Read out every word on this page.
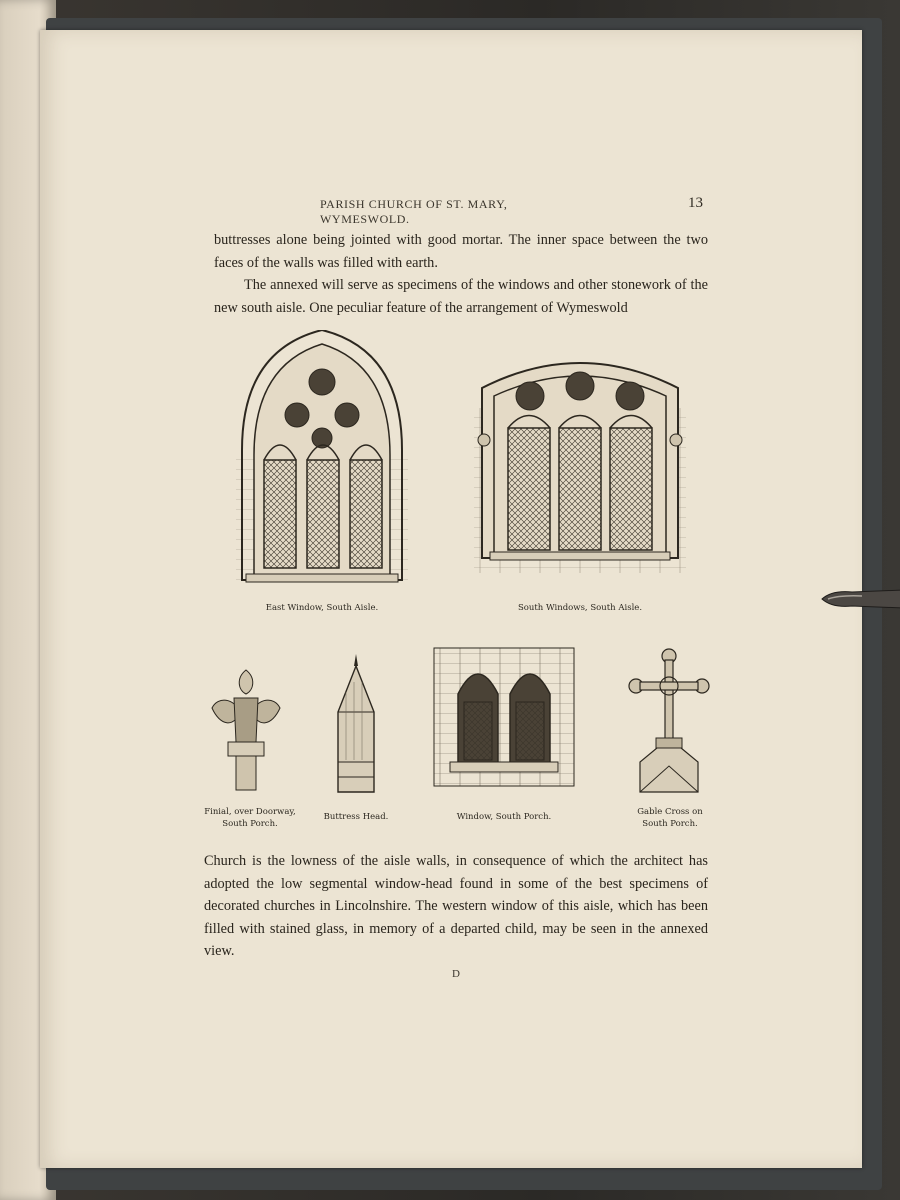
PARISH CHURCH OF ST. MARY, WYMESWOLD.
13
buttresses alone being jointed with good mortar. The inner space between the two faces of the walls was filled with earth.
The annexed will serve as specimens of the windows and other stonework of the new south aisle. One peculiar feature of the arrangement of Wymeswold
East Window, South Aisle.	South Windows, South Aisle.
Finial, over Doorway,
South Porch.
Buttress Head.	Window, South Porch.	Gable Cross on
South Porch.
Church is the lowness of the aisle walls, in consequence of which the architect has adopted the low segmental window-head found in some of the best specimens of decorated churches in Lincolnshire. The western window of this aisle, which has been filled with stained glass, in memory of a departed child, may be seen in the annexed view.
D
